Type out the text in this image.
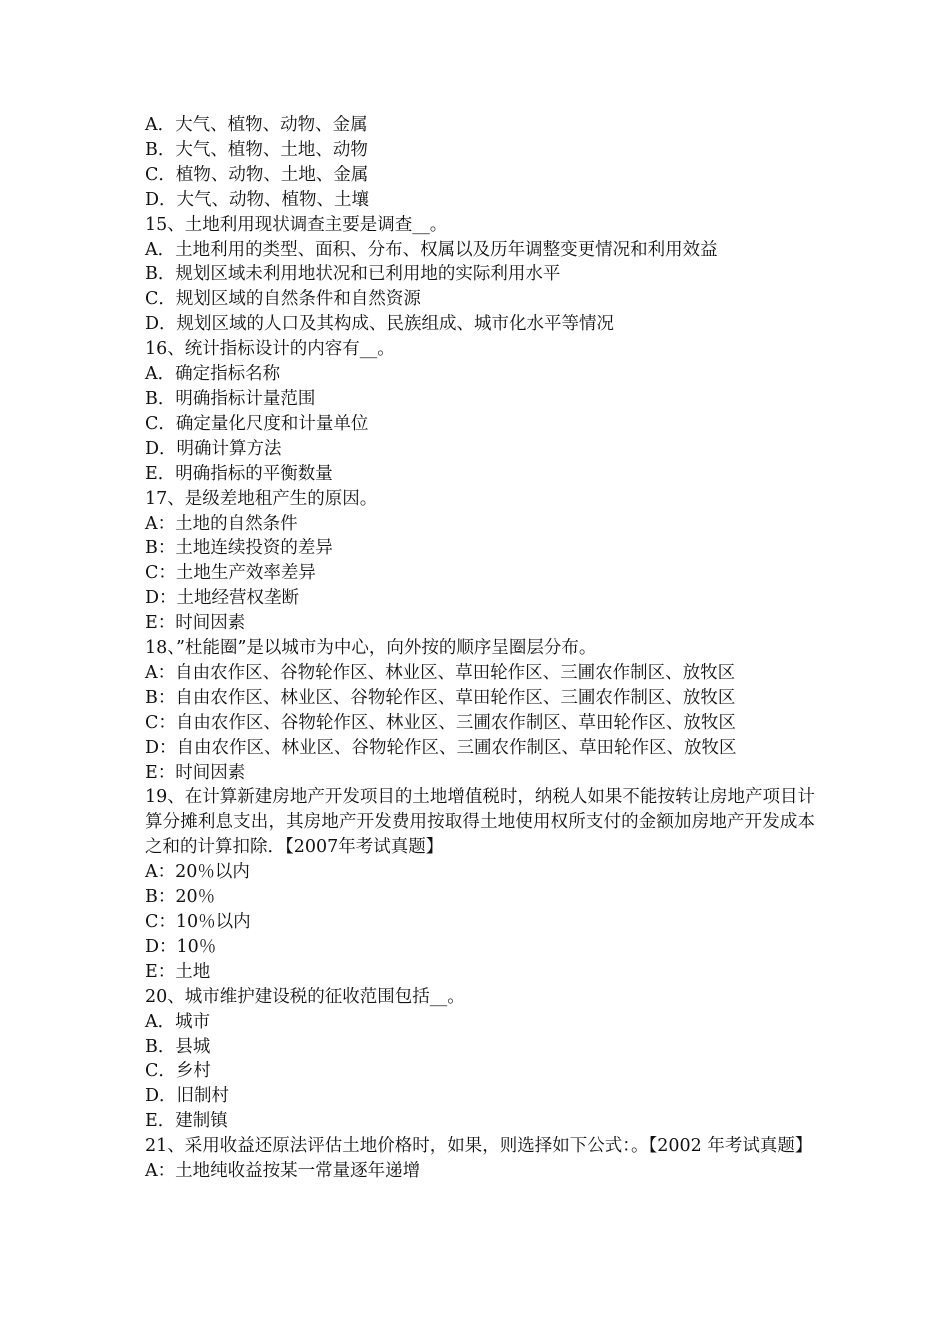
A．大气、植物、动物、金属

B．大气、植物、土地、动物

C．植物、动物、土地、金属

D．大气、动物、植物、土壤

15、土地利用现状调查主要是调查__。

A．土地利用的类型、面积、分布、权属以及历年调整变更情况和利用效益

B．规划区域未利用地状况和已利用地的实际利用水平

C．规划区域的自然条件和自然资源

D．规划区域的人口及其构成、民族组成、城市化水平等情况

16、统计指标设计的内容有__。

A．确定指标名称

B．明确指标计量范围

C．确定量化尺度和计量单位

D．明确计算方法

E．明确指标的平衡数量

17、是级差地租产生的原因。

A：土地的自然条件

B：土地连续投资的差异

C：土地生产效率差异

D：土地经营权垄断

E：时间因素

18、”杜能圈”是以城市为中心，向外按的顺序呈圈层分布。

A：自由农作区、谷物轮作区、林业区、草田轮作区、三圃农作制区、放牧区

B：自由农作区、林业区、谷物轮作区、草田轮作区、三圃农作制区、放牧区

C：自由农作区、谷物轮作区、林业区、三圃农作制区、草田轮作区、放牧区

D：自由农作区、林业区、谷物轮作区、三圃农作制区、草田轮作区、放牧区

E：时间因素

19、在计算新建房地产开发项目的土地增值税时，纳税人如果不能按转让房地产项目计算分摊利息支出，其房地产开发费用按取得土地使用权所支付的金额加房地产开发成本之和的计算扣除．【2007年考试真题】

A：20％以内

B：20％

C：10％以内

D：10％

E：土地

20、城市维护建设税的征收范围包括__。

A．城市

B．县城

C．乡村

D．旧制村

E．建制镇

21、采用收益还原法评估土地价格时，如果，则选择如下公式：。【2002 年考试真题】

A：土地纯收益按某一常量逐年递增
